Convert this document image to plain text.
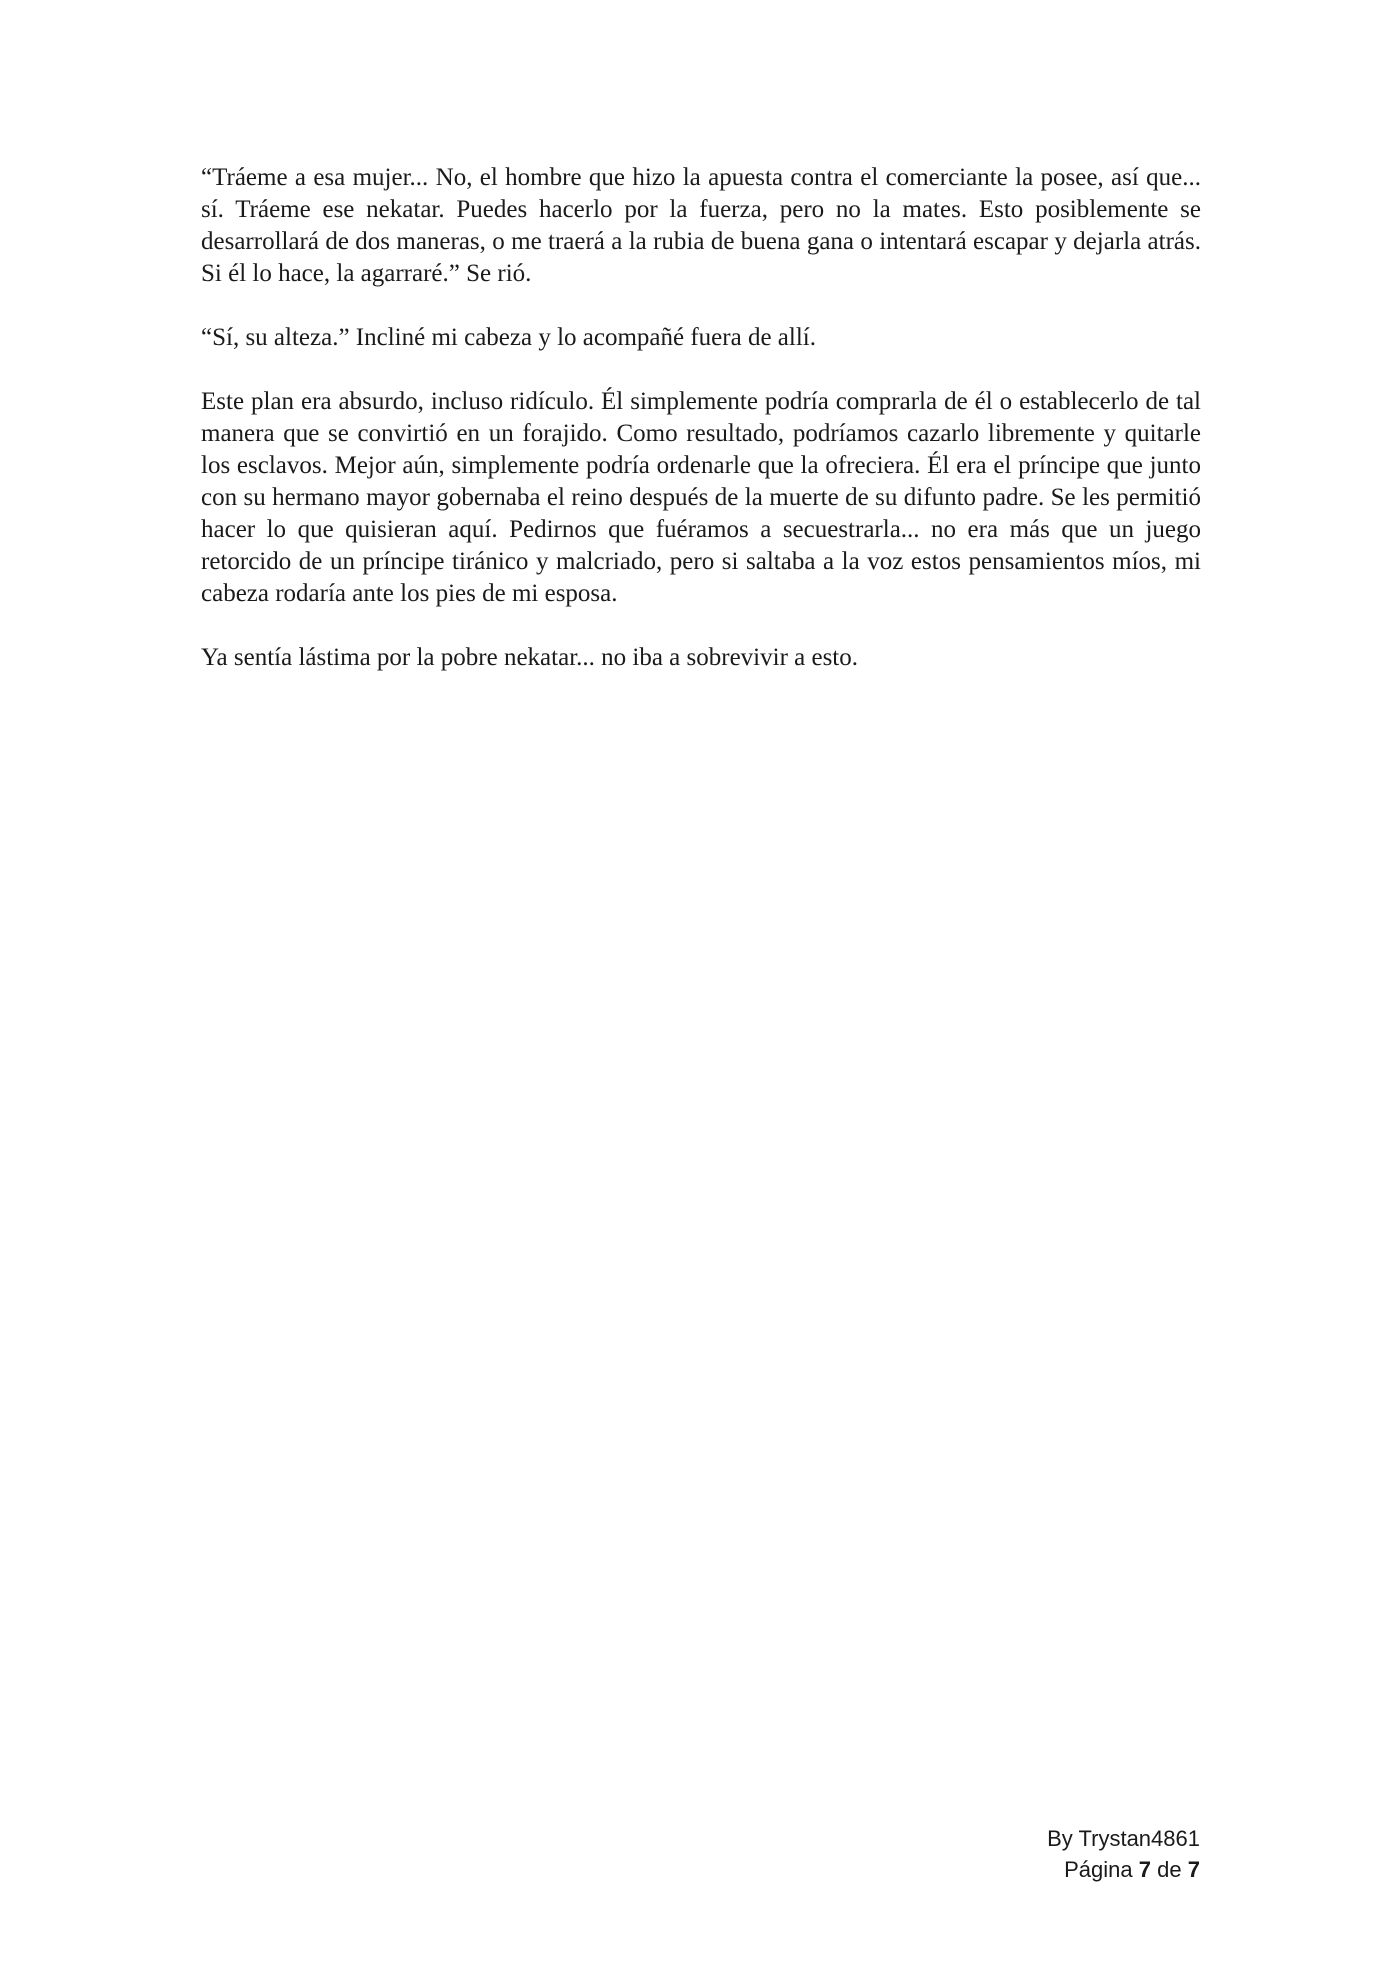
“Tráeme a esa mujer... No, el hombre que hizo la apuesta contra el comerciante la posee, así que... sí. Tráeme ese nekatar. Puedes hacerlo por la fuerza, pero no la mates. Esto posiblemente se desarrollará de dos maneras, o me traerá a la rubia de buena gana o intentará escapar y dejarla atrás. Si él lo hace, la agarraré.” Se rió.

“Sí, su alteza.” Incliné mi cabeza y lo acompañé fuera de allí.

Este plan era absurdo, incluso ridículo. Él simplemente podría comprarla de él o establecerlo de tal manera que se convirtió en un forajido. Como resultado, podríamos cazarlo libremente y quitarle los esclavos. Mejor aún, simplemente podría ordenarle que la ofreciera. Él era el príncipe que junto con su hermano mayor gobernaba el reino después de la muerte de su difunto padre. Se les permitió hacer lo que quisieran aquí. Pedirnos que fuéramos a secuestrarla... no era más que un juego retorcido de un príncipe tiránico y malcriado, pero si saltaba a la voz estos pensamientos míos, mi cabeza rodaría ante los pies de mi esposa.

Ya sentía lástima por la pobre nekatar... no iba a sobrevivir a esto.

By Trystan4861
Página 7 de 7
